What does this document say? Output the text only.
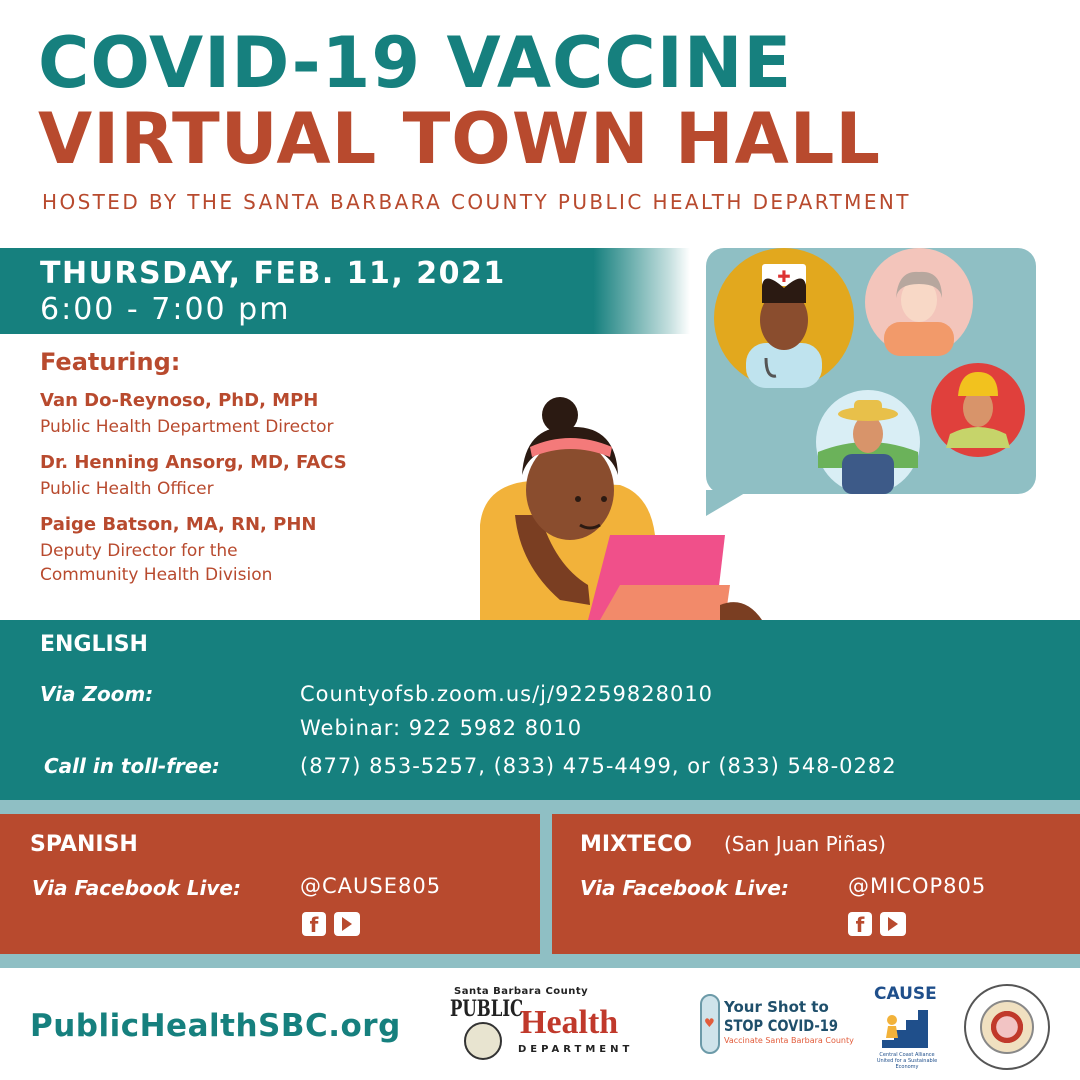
COVID-19 VACCINE
VIRTUAL TOWN HALL
HOSTED BY THE SANTA BARBARA COUNTY PUBLIC HEALTH DEPARTMENT
THURSDAY, FEB. 11, 2021
6:00 - 7:00 pm
Featuring:
Van Do-Reynoso, PhD, MPH
Public Health Department Director
Dr. Henning Ansorg, MD, FACS
Public Health Officer
Paige Batson, MA, RN, PHN
Deputy Director for the
Community Health Division
✚
ENGLISH
Via Zoom:	Countyofsb.zoom.us/j/92259828010
Webinar: 922 5982 8010
Call in toll-free:	(877) 853-5257, (833) 475-4499, or (833) 548-0282
SPANISH
Via Facebook Live:	@CAUSE805
f
MIXTECO (San Juan Piñas)
Via Facebook Live:	@MICOP805
f
PublicHealthSBC.org
Santa Barbara County
PUBLIC
Health
DEPARTMENT
♥
Your Shot to
STOP COVID-19
Vaccinate Santa Barbara County
CAUSE
Central Coast Alliance United for a Sustainable Economy
